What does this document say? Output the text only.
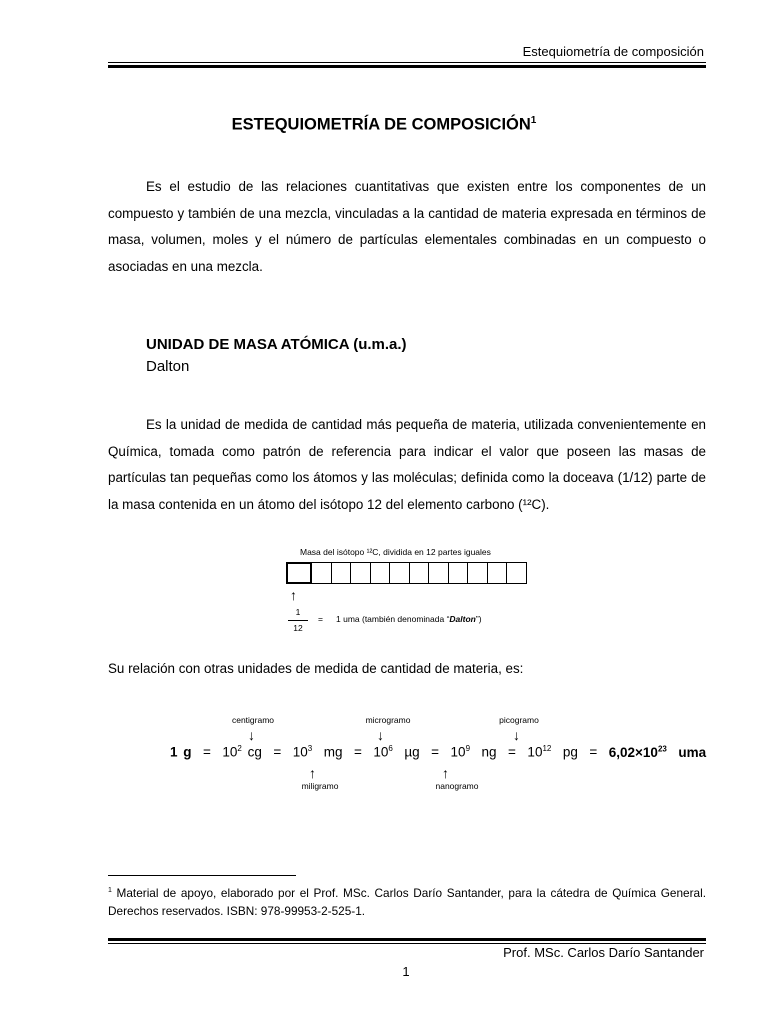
Estequiometría de composición
ESTEQUIOMETRÍA DE COMPOSICIÓN$^1$
Es el estudio de las relaciones cuantitativas que existen entre los componentes de un compuesto y también de una mezcla, vinculadas a la cantidad de materia expresada en términos de masa, volumen, moles y el número de partículas elementales combinadas en un compuesto o asociadas en una mezcla.
UNIDAD DE MASA ATÓMICA (u.m.a.)
Dalton
Es la unidad de medida de cantidad más pequeña de materia, utilizada convenientemente en Química, tomada como patrón de referencia para indicar el valor que poseen las masas de partículas tan pequeñas como los átomos y las moléculas; definida como la doceava (1/12) parte de la masa contenida en un átomo del isótopo 12 del elemento carbono (¹²C).
Masa del isótopo ¹²C, dividida en 12 partes iguales
↑
1
12
= 1 uma (también denominada “Dalton”)
Su relación con otras unidades de medida de cantidad de materia, es:
centigramo	microgramo	picogramo
↓	↓	↓
1 $g = 10^2$ cg  =  $10^3$  mg  =  $10^6$  $\mu g = 10^9$  ng  =  $10^{12}$  pg  =  $6,02\times 10^{23}$  uma
↑	↑
miligramo	nanogramo
$^1$ Material de apoyo, elaborado por el Prof. MSc. Carlos Darío Santander, para la cátedra de Química General. Derechos reservados. ISBN: 978-99953-2-525-1.
Prof. MSc. Carlos Darío Santander
1
